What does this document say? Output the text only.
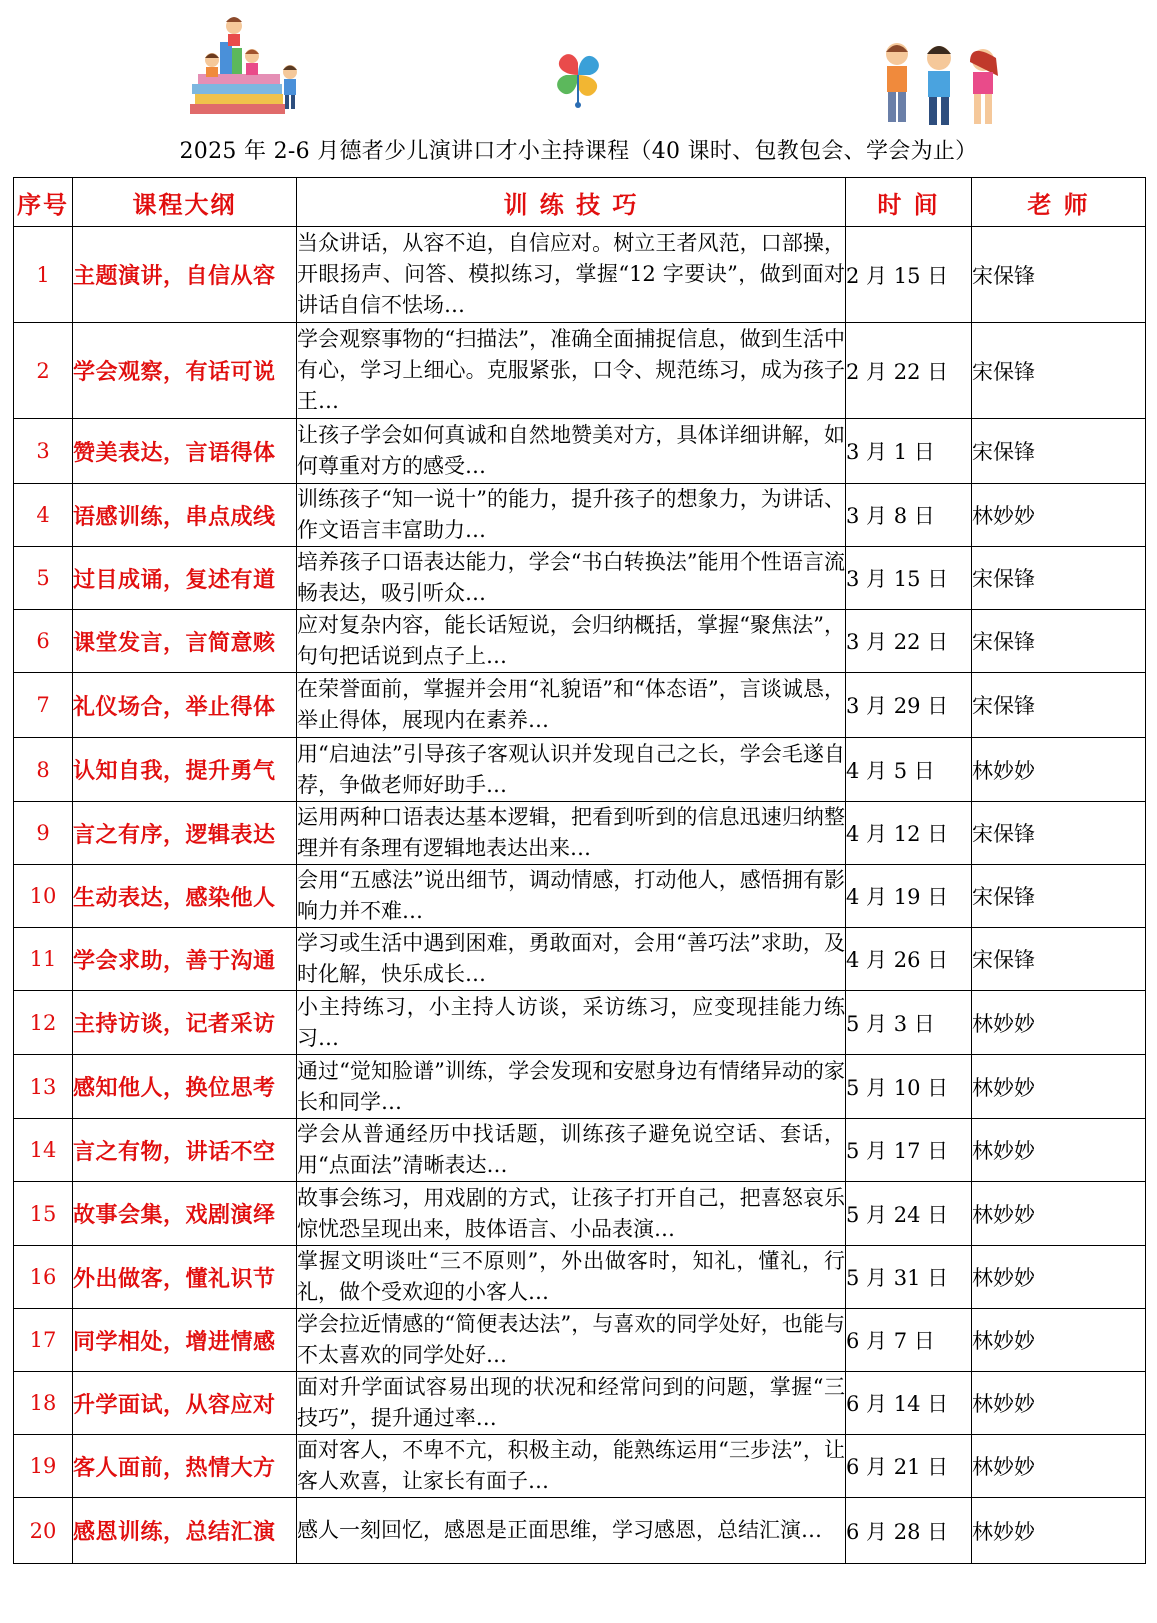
2025 年 2-6 月德者少儿演讲口才小主持课程（40 课时、包教包会、学会为止）
序号	课程大纲	训 练 技 巧	时 间	老 师
1	主题演讲，自信从容	当众讲话，从容不迫，自信应对。树立王者风范，口部操，开眼扬声、问答、模拟练习，掌握“12 字要诀”，做到面对讲话自信不怯场…	2 月 15 日	宋保锋
2	学会观察，有话可说	学会观察事物的“扫描法”，准确全面捕捉信息，做到生活中有心，学习上细心。克服紧张，口令、规范练习，成为孩子王…	2 月 22 日	宋保锋
3	赞美表达，言语得体	让孩子学会如何真诚和自然地赞美对方，具体详细讲解，如何尊重对方的感受…	3 月 1 日	宋保锋
4	语感训练，串点成线	训练孩子“知一说十”的能力，提升孩子的想象力，为讲话、作文语言丰富助力…	3 月 8 日	林妙妙
5	过目成诵，复述有道	培养孩子口语表达能力，学会“书白转换法”能用个性语言流畅表达，吸引听众…	3 月 15 日	宋保锋
6	课堂发言，言简意赅	应对复杂内容，能长话短说，会归纳概括，掌握“聚焦法”，句句把话说到点子上…	3 月 22 日	宋保锋
7	礼仪场合，举止得体	在荣誉面前，掌握并会用“礼貌语”和“体态语”，言谈诚恳，举止得体，展现内在素养…	3 月 29 日	宋保锋
8	认知自我，提升勇气	用“启迪法”引导孩子客观认识并发现自己之长，学会毛遂自荐，争做老师好助手…	4 月 5 日	林妙妙
9	言之有序，逻辑表达	运用两种口语表达基本逻辑，把看到听到的信息迅速归纳整理并有条理有逻辑地表达出来…	4 月 12 日	宋保锋
10	生动表达，感染他人	会用“五感法”说出细节，调动情感，打动他人，感悟拥有影响力并不难…	4 月 19 日	宋保锋
11	学会求助，善于沟通	学习或生活中遇到困难，勇敢面对，会用“善巧法”求助，及时化解，快乐成长…	4 月 26 日	宋保锋
12	主持访谈，记者采访	小主持练习，小主持人访谈，采访练习，应变现挂能力练习…	5 月 3 日	林妙妙
13	感知他人，换位思考	通过“觉知脸谱”训练，学会发现和安慰身边有情绪异动的家长和同学…	5 月 10 日	林妙妙
14	言之有物，讲话不空	学会从普通经历中找话题，训练孩子避免说空话、套话，用“点面法”清晰表达…	5 月 17 日	林妙妙
15	故事会集，戏剧演绎	故事会练习，用戏剧的方式，让孩子打开自己，把喜怒哀乐惊忧恐呈现出来，肢体语言、小品表演…	5 月 24 日	林妙妙
16	外出做客，懂礼识节	掌握文明谈吐“三不原则”，外出做客时，知礼，懂礼，行礼，做个受欢迎的小客人…	5 月 31 日	林妙妙
17	同学相处，增进情感	学会拉近情感的“简便表达法”，与喜欢的同学处好，也能与不太喜欢的同学处好…	6 月 7 日	林妙妙
18	升学面试，从容应对	面对升学面试容易出现的状况和经常问到的问题，掌握“三技巧”，提升通过率…	6 月 14 日	林妙妙
19	客人面前，热情大方	面对客人，不卑不亢，积极主动，能熟练运用“三步法”，让客人欢喜，让家长有面子…	6 月 21 日	林妙妙
20	感恩训练，总结汇演	感人一刻回忆，感恩是正面思维，学习感恩，总结汇演…	6 月 28 日	林妙妙
